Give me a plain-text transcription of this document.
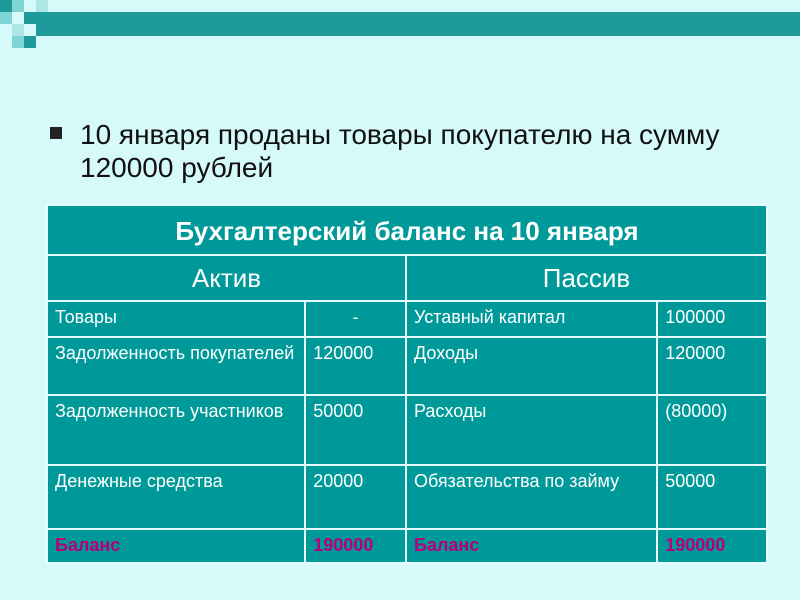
10 января проданы товары покупателю на сумму 120000 рублей
Бухгалтерский баланс на 10 января			
Актив		Пассив	
Товары	-	Уставный капитал	100000
Задолженность покупателей	120000	Доходы	120000
Задолженность участников	50000	Расходы	(80000)
Денежные средства	20000	Обязательства по займу	50000
Баланс	190000	Баланс	190000
